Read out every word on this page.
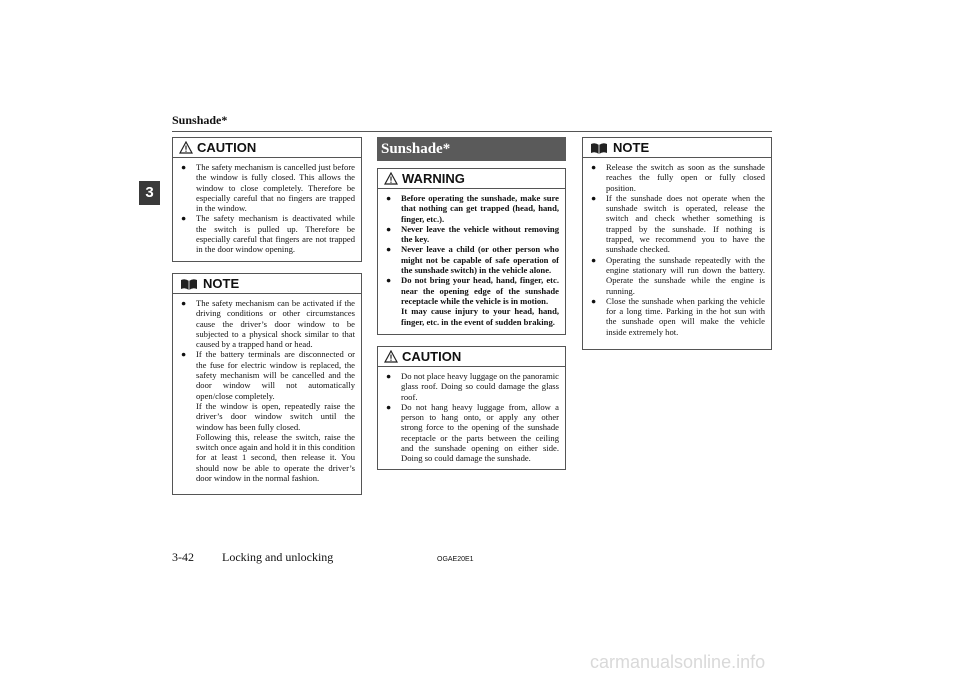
Sunshade*
3
CAUTION
● The safety mechanism is cancelled just before the window is fully closed. This allows the window to close completely. Therefore be especially careful that no fingers are trapped in the window.

● The safety mechanism is deactivated while the switch is pulled up. Therefore be especially careful that fingers are not trapped in the door window opening.

NOTE
● The safety mechanism can be activated if the driving conditions or other circumstances cause the driver’s door window to be subjected to a physical shock similar to that caused by a trapped hand or head.

● If the battery terminals are disconnected or the fuse for electric window is replaced, the safety mechanism will be cancelled and the door window will not automatically open/close completely.

If the window is open, repeatedly raise the driver’s door window switch until the window has been fully closed.

Following this, release the switch, raise the switch once again and hold it in this condition for at least 1 second, then release it. You should now be able to operate the driver’s door window in the normal fashion.

Sunshade*
WARNING
● Before operating the sunshade, make sure that nothing can get trapped (head, hand, finger, etc.).

● Never leave the vehicle without removing the key.

● Never leave a child (or other person who might not be capable of safe operation of the sunshade switch) in the vehicle alone.

● Do not bring your head, hand, finger, etc. near the opening edge of the sunshade receptacle while the vehicle is in motion.

It may cause injury to your head, hand, finger, etc. in the event of sudden braking.

CAUTION
● Do not place heavy luggage on the panoramic glass roof. Doing so could damage the glass roof.

● Do not hang heavy luggage from, allow a person to hang onto, or apply any other strong force to the opening of the sunshade receptacle or the parts between the ceiling and the sunshade opening on either side. Doing so could damage the sunshade.

NOTE
● Release the switch as soon as the sunshade reaches the fully open or fully closed position.

● If the sunshade does not operate when the sunshade switch is operated, release the switch and check whether something is trapped by the sunshade. If nothing is trapped, we recommend you to have the sunshade checked.

● Operating the sunshade repeatedly with the engine stationary will run down the battery. Operate the sunshade while the engine is running.

● Close the sunshade when parking the vehicle for a long time. Parking in the hot sun with the sunshade open will make the vehicle inside extremely hot.

3-42 Locking and unlocking	OGAE20E1
carmanualsonline.info
